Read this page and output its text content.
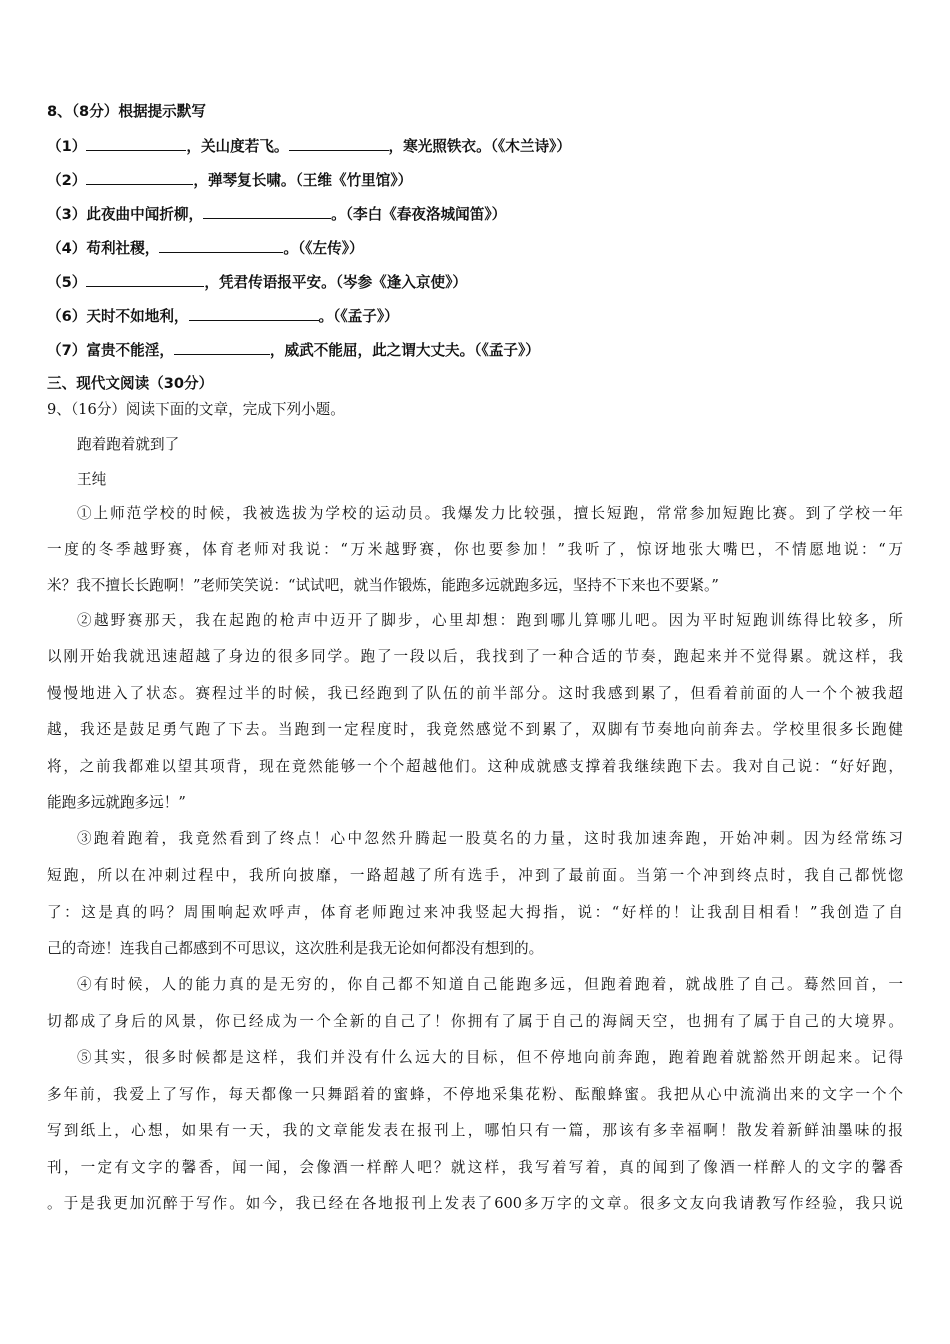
8、（8分）根据提示默写
（1）	，关山度若飞。	，寒光照铁衣。（《木兰诗》）
（2）	，弹琴复长啸。（王维《竹里馆》）
（3）此夜曲中闻折柳，	。（李白《春夜洛城闻笛》）
（4）苟利社稷，	。（《左传》）
（5）	，凭君传语报平安。（岑参《逢入京使》）
（6）天时不如地利，	。（《孟子》）
（7）富贵不能淫，	，威武不能屈，此之谓大丈夫。（《孟子》）
三、现代文阅读（30分）
9、（16分）阅读下面的文章，完成下列小题。
跑着跑着就到了
王纯
①上师范学校的时候，我被选拔为学校的运动员。我爆发力比较强，擅长短跑，常常参加短跑比赛。到了学校一年
一度的冬季越野赛，体育老师对我说：“万米越野赛，你也要参加！”我听了，惊讶地张大嘴巴，不情愿地说：“万
米？我不擅长长跑啊！”老师笑笑说：“试试吧，就当作锻炼，能跑多远就跑多远，坚持不下来也不要紧。”
②越野赛那天，我在起跑的枪声中迈开了脚步，心里却想：跑到哪儿算哪儿吧。因为平时短跑训练得比较多，所
以刚开始我就迅速超越了身边的很多同学。跑了一段以后，我找到了一种合适的节奏，跑起来并不觉得累。就这样，我
慢慢地进入了状态。赛程过半的时候，我已经跑到了队伍的前半部分。这时我感到累了，但看着前面的人一个个被我超
越，我还是鼓足勇气跑了下去。当跑到一定程度时，我竟然感觉不到累了，双脚有节奏地向前奔去。学校里很多长跑健
将，之前我都难以望其项背，现在竟然能够一个个超越他们。这种成就感支撑着我继续跑下去。我对自己说：“好好跑，
能跑多远就跑多远！”
③跑着跑着，我竟然看到了终点！心中忽然升腾起一股莫名的力量，这时我加速奔跑，开始冲刺。因为经常练习
短跑，所以在冲刺过程中，我所向披靡，一路超越了所有选手，冲到了最前面。当第一个冲到终点时，我自己都恍惚
了：这是真的吗？周围响起欢呼声，体育老师跑过来冲我竖起大拇指，说：“好样的！让我刮目相看！”我创造了自
己的奇迹！连我自己都感到不可思议，这次胜利是我无论如何都没有想到的。
④有时候，人的能力真的是无穷的，你自己都不知道自己能跑多远，但跑着跑着，就战胜了自己。蓦然回首，一
切都成了身后的风景，你已经成为一个全新的自己了！你拥有了属于自己的海阔天空，也拥有了属于自己的大境界。
⑤其实，很多时候都是这样，我们并没有什么远大的目标，但不停地向前奔跑，跑着跑着就豁然开朗起来。记得
多年前，我爱上了写作，每天都像一只舞蹈着的蜜蜂，不停地采集花粉、酝酿蜂蜜。我把从心中流淌出来的文字一个个
写到纸上，心想，如果有一天，我的文章能发表在报刊上，哪怕只有一篇，那该有多幸福啊！散发着新鲜油墨味的报
刊，一定有文字的馨香，闻一闻，会像酒一样醉人吧？就这样，我写着写着，真的闻到了像酒一样醉人的文字的馨香
。于是我更加沉醉于写作。如今，我已经在各地报刊上发表了600多万字的文章。很多文友向我请教写作经验，我只说
